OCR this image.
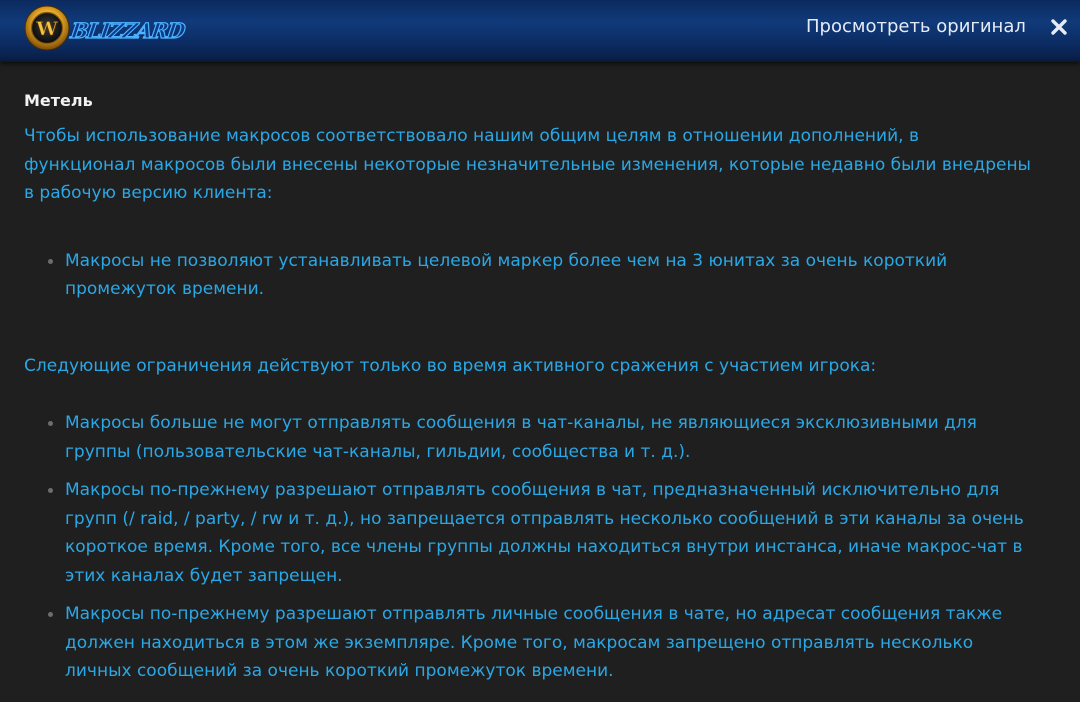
W BLIZZARD	Просмотреть оригинал
Метель

Чтобы использование макросов соответствовало нашим общим целям в отношении дополнений, в функционал макросов были внесены некоторые незначительные изменения, которые недавно были внедрены в рабочую версию клиента:

Макросы не позволяют устанавливать целевой маркер более чем на 3 юнитах за очень короткий промежуток времени.

Следующие ограничения действуют только во время активного сражения с участием игрока:

Макросы больше не могут отправлять сообщения в чат-каналы, не являющиеся эксклюзивными для группы (пользовательские чат-каналы, гильдии, сообщества и т. д.).
Макросы по-прежнему разрешают отправлять сообщения в чат, предназначенный исключительно для групп (/ raid, / party, / rw и т. д.), но запрещается отправлять несколько сообщений в эти каналы за очень короткое время. Кроме того, все члены группы должны находиться внутри инстанса, иначе макрос-чат в этих каналах будет запрещен.
Макросы по-прежнему разрешают отправлять личные сообщения в чате, но адресат сообщения также должен находиться в этом же экземпляре. Кроме того, макросам запрещено отправлять несколько личных сообщений за очень короткий промежуток времени.
